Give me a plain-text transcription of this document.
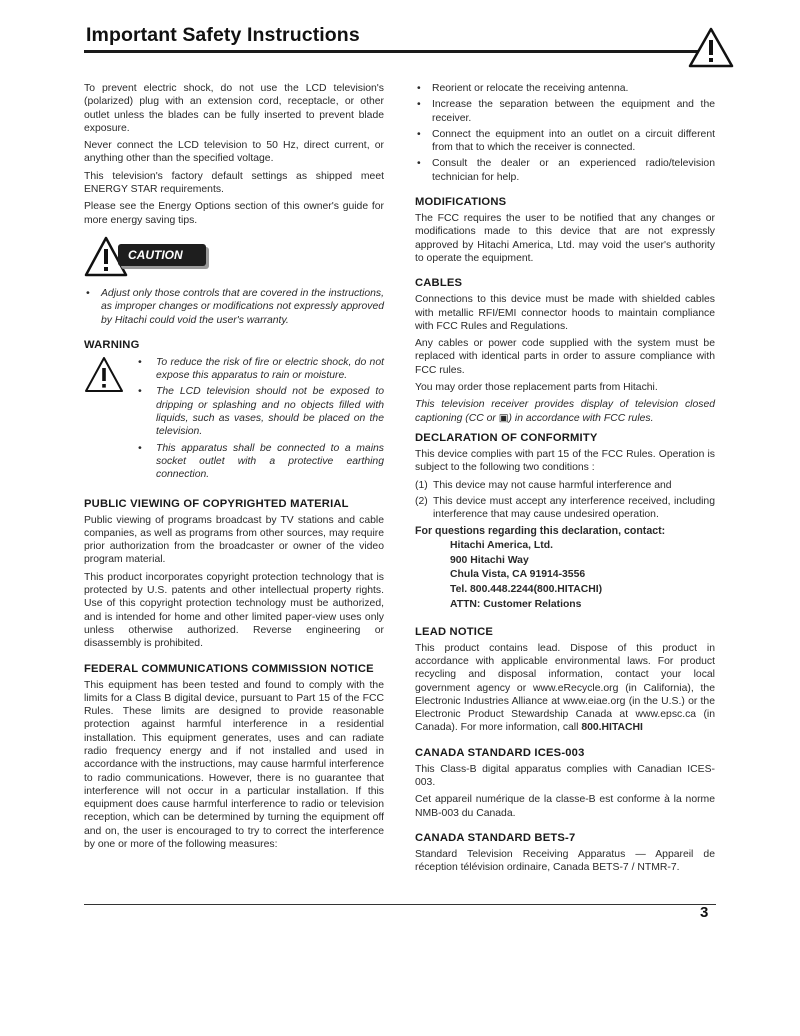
Important Safety Instructions

To prevent electric shock, do not use the LCD television's (polarized) plug with an extension cord, receptacle, or other outlet unless the blades can be fully inserted to prevent blade exposure.

Never connect the LCD television to 50 Hz, direct current, or anything other than the specified voltage.

This television's factory default settings as shipped meet ENERGY STAR requirements.

Please see the Energy Options section of this owner's guide for more energy saving tips.

CAUTION
• Adjust only those controls that are covered in the instructions, as improper changes or modifications not expressly approved by Hitachi could void the user's warranty.
WARNING
• To reduce the risk of fire or electric shock, do not expose this apparatus to rain or moisture.
• The LCD television should not be exposed to dripping or splashing and no objects filled with liquids, such as vases, should be placed on the television.
• This apparatus shall be connected to a mains socket outlet with a protective earthing connection.
PUBLIC VIEWING OF COPYRIGHTED MATERIAL

Public viewing of programs broadcast by TV stations and cable companies, as well as programs from other sources, may require prior authorization from the broadcaster or owner of the video program material.

This product incorporates copyright protection technology that is protected by U.S. patents and other intellectual property rights. Use of this copyright protection technology must be authorized, and is intended for home and other limited paper-view uses only unless otherwise authorized. Reverse engineering or disassembly is prohibited.

FEDERAL COMMUNICATIONS COMMISSION NOTICE

This equipment has been tested and found to comply with the limits for a Class B digital device, pursuant to Part 15 of the FCC Rules. These limits are designed to provide reasonable protection against harmful interference in a residential installation. This equipment generates, uses and can radiate radio frequency energy and if not installed and used in accordance with the instructions, may cause harmful interference to radio communications. However, there is no guarantee that interference will not occur in a particular installation. If this equipment does cause harmful interference to radio or television reception, which can be determined by turning the equipment off and on, the user is encouraged to try to correct the interference by one or more of the following measures:

• Reorient or relocate the receiving antenna.
• Increase the separation between the equipment and the receiver.
• Connect the equipment into an outlet on a circuit different from that to which the receiver is connected.
• Consult the dealer or an experienced radio/television technician for help.
MODIFICATIONS

The FCC requires the user to be notified that any changes or modifications made to this device that are not expressly approved by Hitachi America, Ltd. may void the user's authority to operate the equipment.

CABLES

Connections to this device must be made with shielded cables with metallic RFI/EMI connector hoods to maintain compliance with FCC Rules and Regulations.

Any cables or power code supplied with the system must be replaced with identical parts in order to assure compliance with FCC rules.

You may order those replacement parts from Hitachi.

This television receiver provides display of television closed captioning (CC or ▣) in accordance with FCC rules.

DECLARATION OF CONFORMITY

This device complies with part 15 of the FCC Rules. Operation is subject to the following two conditions :

(1) This device may not cause harmful interference and
(2) This device must accept any interference received, including interference that may cause undesired operation.
For questions regarding this declaration, contact:
Hitachi America, Ltd.
900 Hitachi Way
Chula Vista, CA 91914-3556
Tel. 800.448.2244(800.HITACHI)
ATTN: Customer Relations
LEAD NOTICE

This product contains lead. Dispose of this product in accordance with applicable environmental laws. For product recycling and disposal information, contact your local government agency or www.eRecycle.org (in California), the Electronic Industries Alliance at www.eiae.org (in the U.S.) or the Electronic Product Stewardship Canada at www.epsc.ca (in Canada). For more information, call 800.HITACHI

CANADA STANDARD ICES-003

This Class-B digital apparatus complies with Canadian ICES-003.

Cet appareil numérique de la classe-B est conforme à la norme NMB-003 du Canada.

CANADA STANDARD BETS-7

Standard Television Receiving Apparatus — Appareil de réception télévision ordinaire, Canada BETS-7 / NTMR-7.

3
